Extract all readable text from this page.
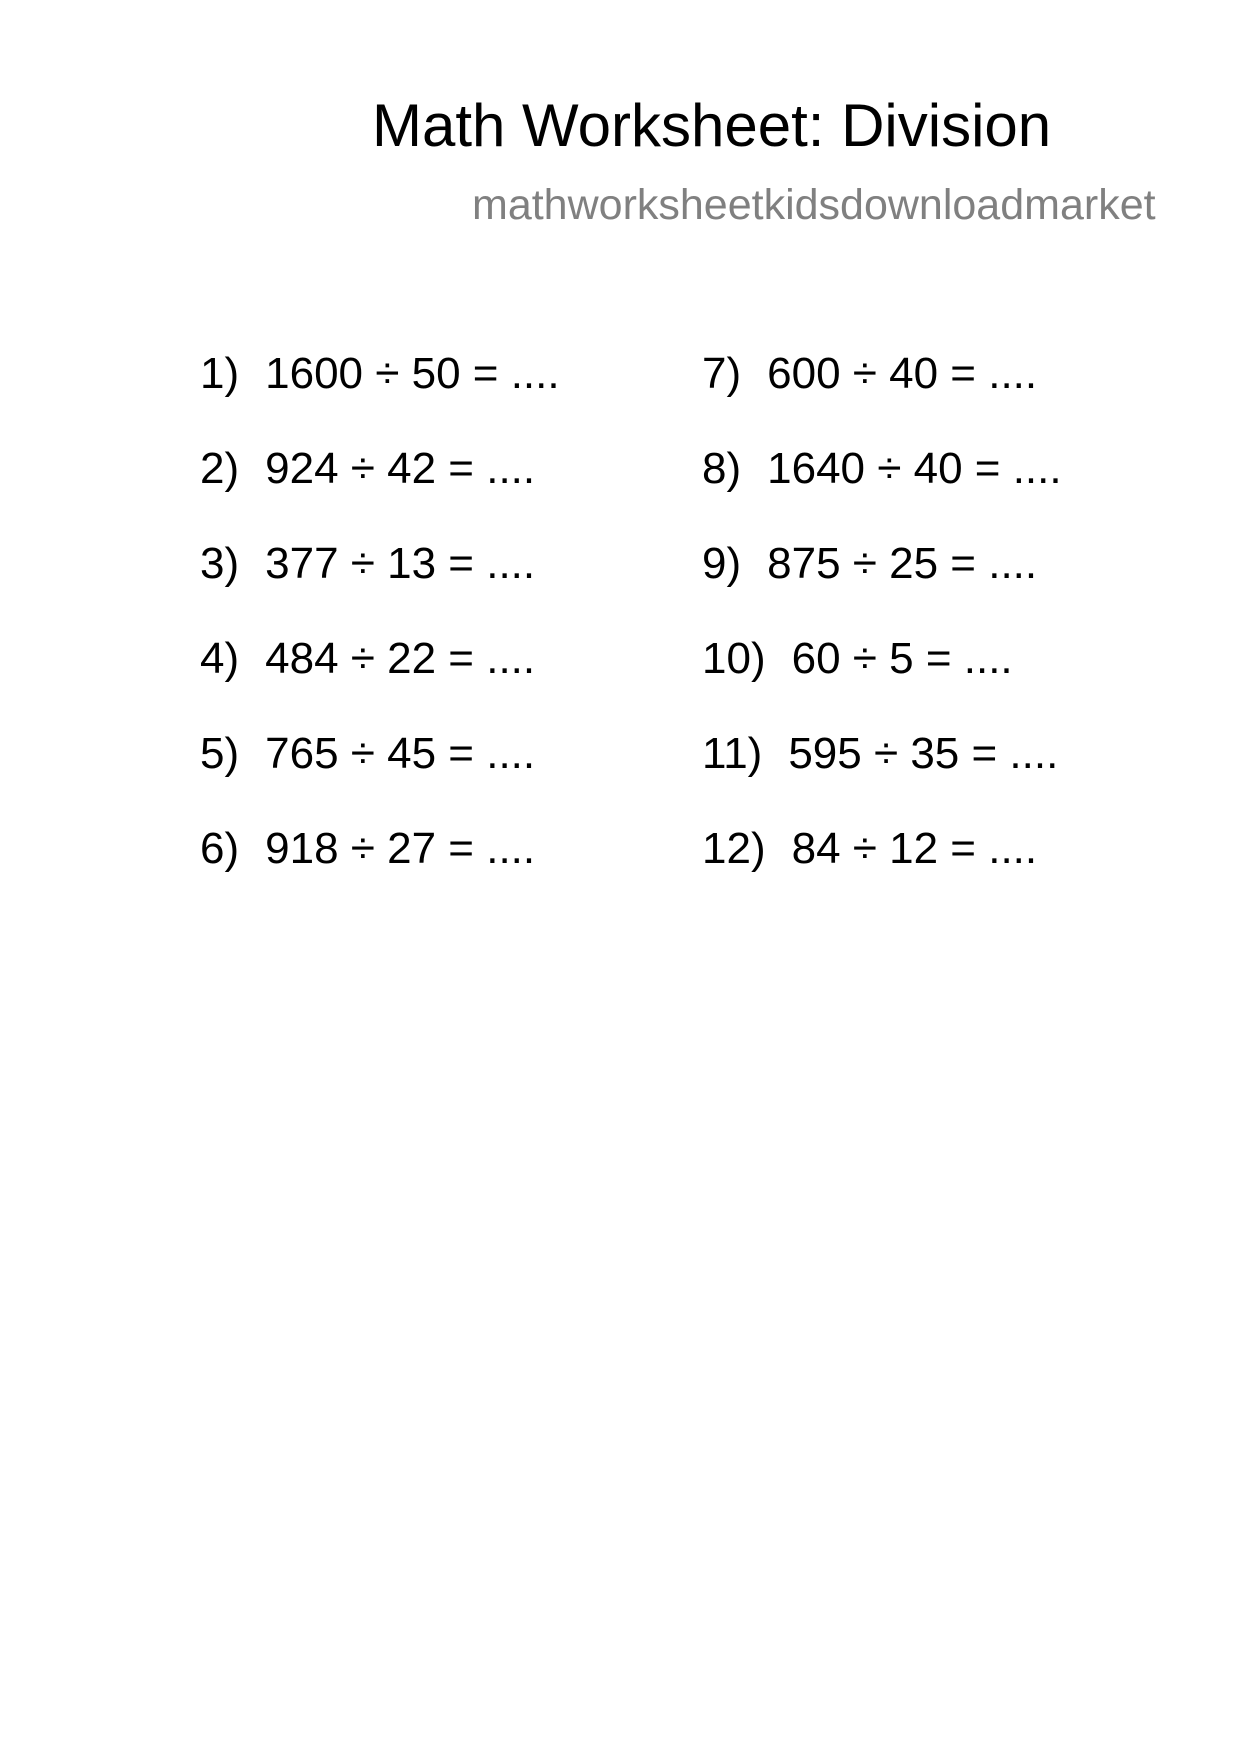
Math Worksheet: Division
mathworksheetkidsdownloadmarket
1) 1600 ÷ 50 = ....
2) 924 ÷ 42 = ....
3) 377 ÷ 13 = ....
4) 484 ÷ 22 = ....
5) 765 ÷ 45 = ....
6) 918 ÷ 27 = ....
7) 600 ÷ 40 = ....
8) 1640 ÷ 40 = ....
9) 875 ÷ 25 = ....
10) 60 ÷ 5 = ....
11) 595 ÷ 35 = ....
12) 84 ÷ 12 = ....
